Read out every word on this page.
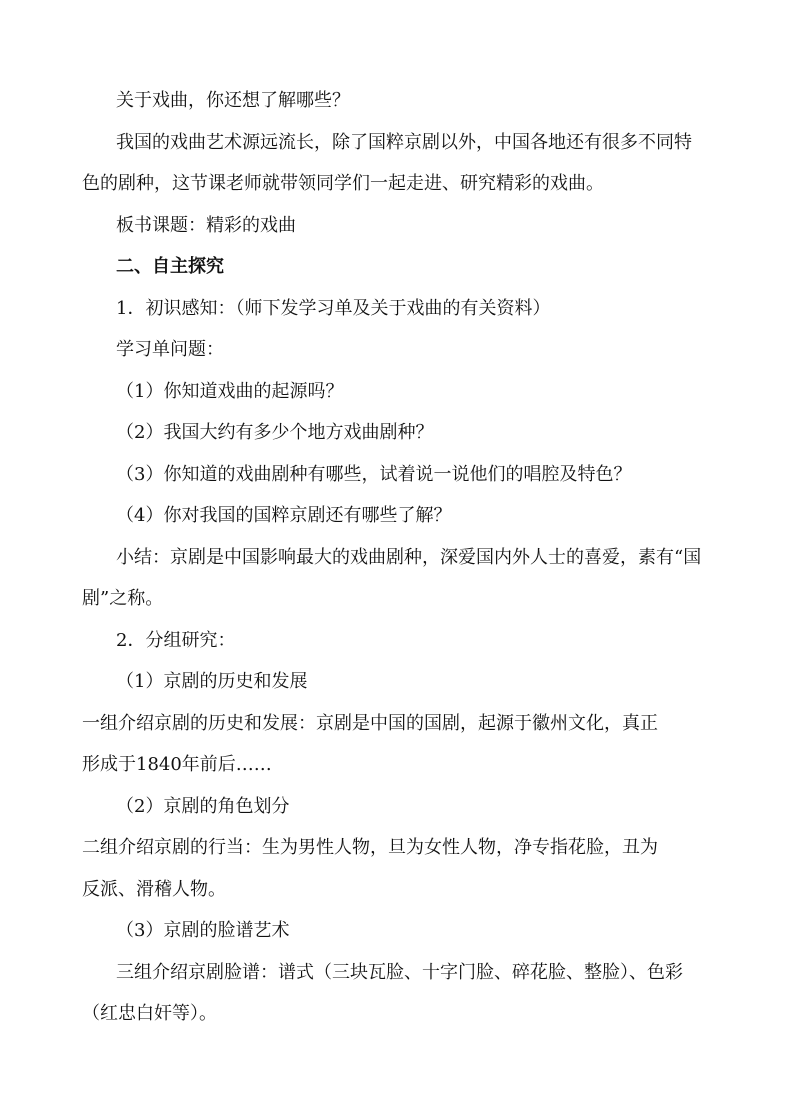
关于戏曲，你还想了解哪些？

我国的戏曲艺术源远流长，除了国粹京剧以外，中国各地还有很多不同特

色的剧种，这节课老师就带领同学们一起走进、研究精彩的戏曲。

板书课题：精彩的戏曲

二、自主探究

1．初识感知：（师下发学习单及关于戏曲的有关资料）

学习单问题：

（1）你知道戏曲的起源吗？

（2）我国大约有多少个地方戏曲剧种？

（3）你知道的戏曲剧种有哪些，试着说一说他们的唱腔及特色？

（4）你对我国的国粹京剧还有哪些了解？

小结：京剧是中国影响最大的戏曲剧种，深爱国内外人士的喜爱，素有“国

剧”之称。

2．分组研究：

（1）京剧的历史和发展

一组介绍京剧的历史和发展：京剧是中国的国剧，起源于徽州文化，真正

形成于1840年前后……

（2）京剧的角色划分

二组介绍京剧的行当：生为男性人物，旦为女性人物，净专指花脸，丑为

反派、滑稽人物。

（3）京剧的脸谱艺术

三组介绍京剧脸谱：谱式（三块瓦脸、十字门脸、碎花脸、整脸）、色彩

（红忠白奸等）。
